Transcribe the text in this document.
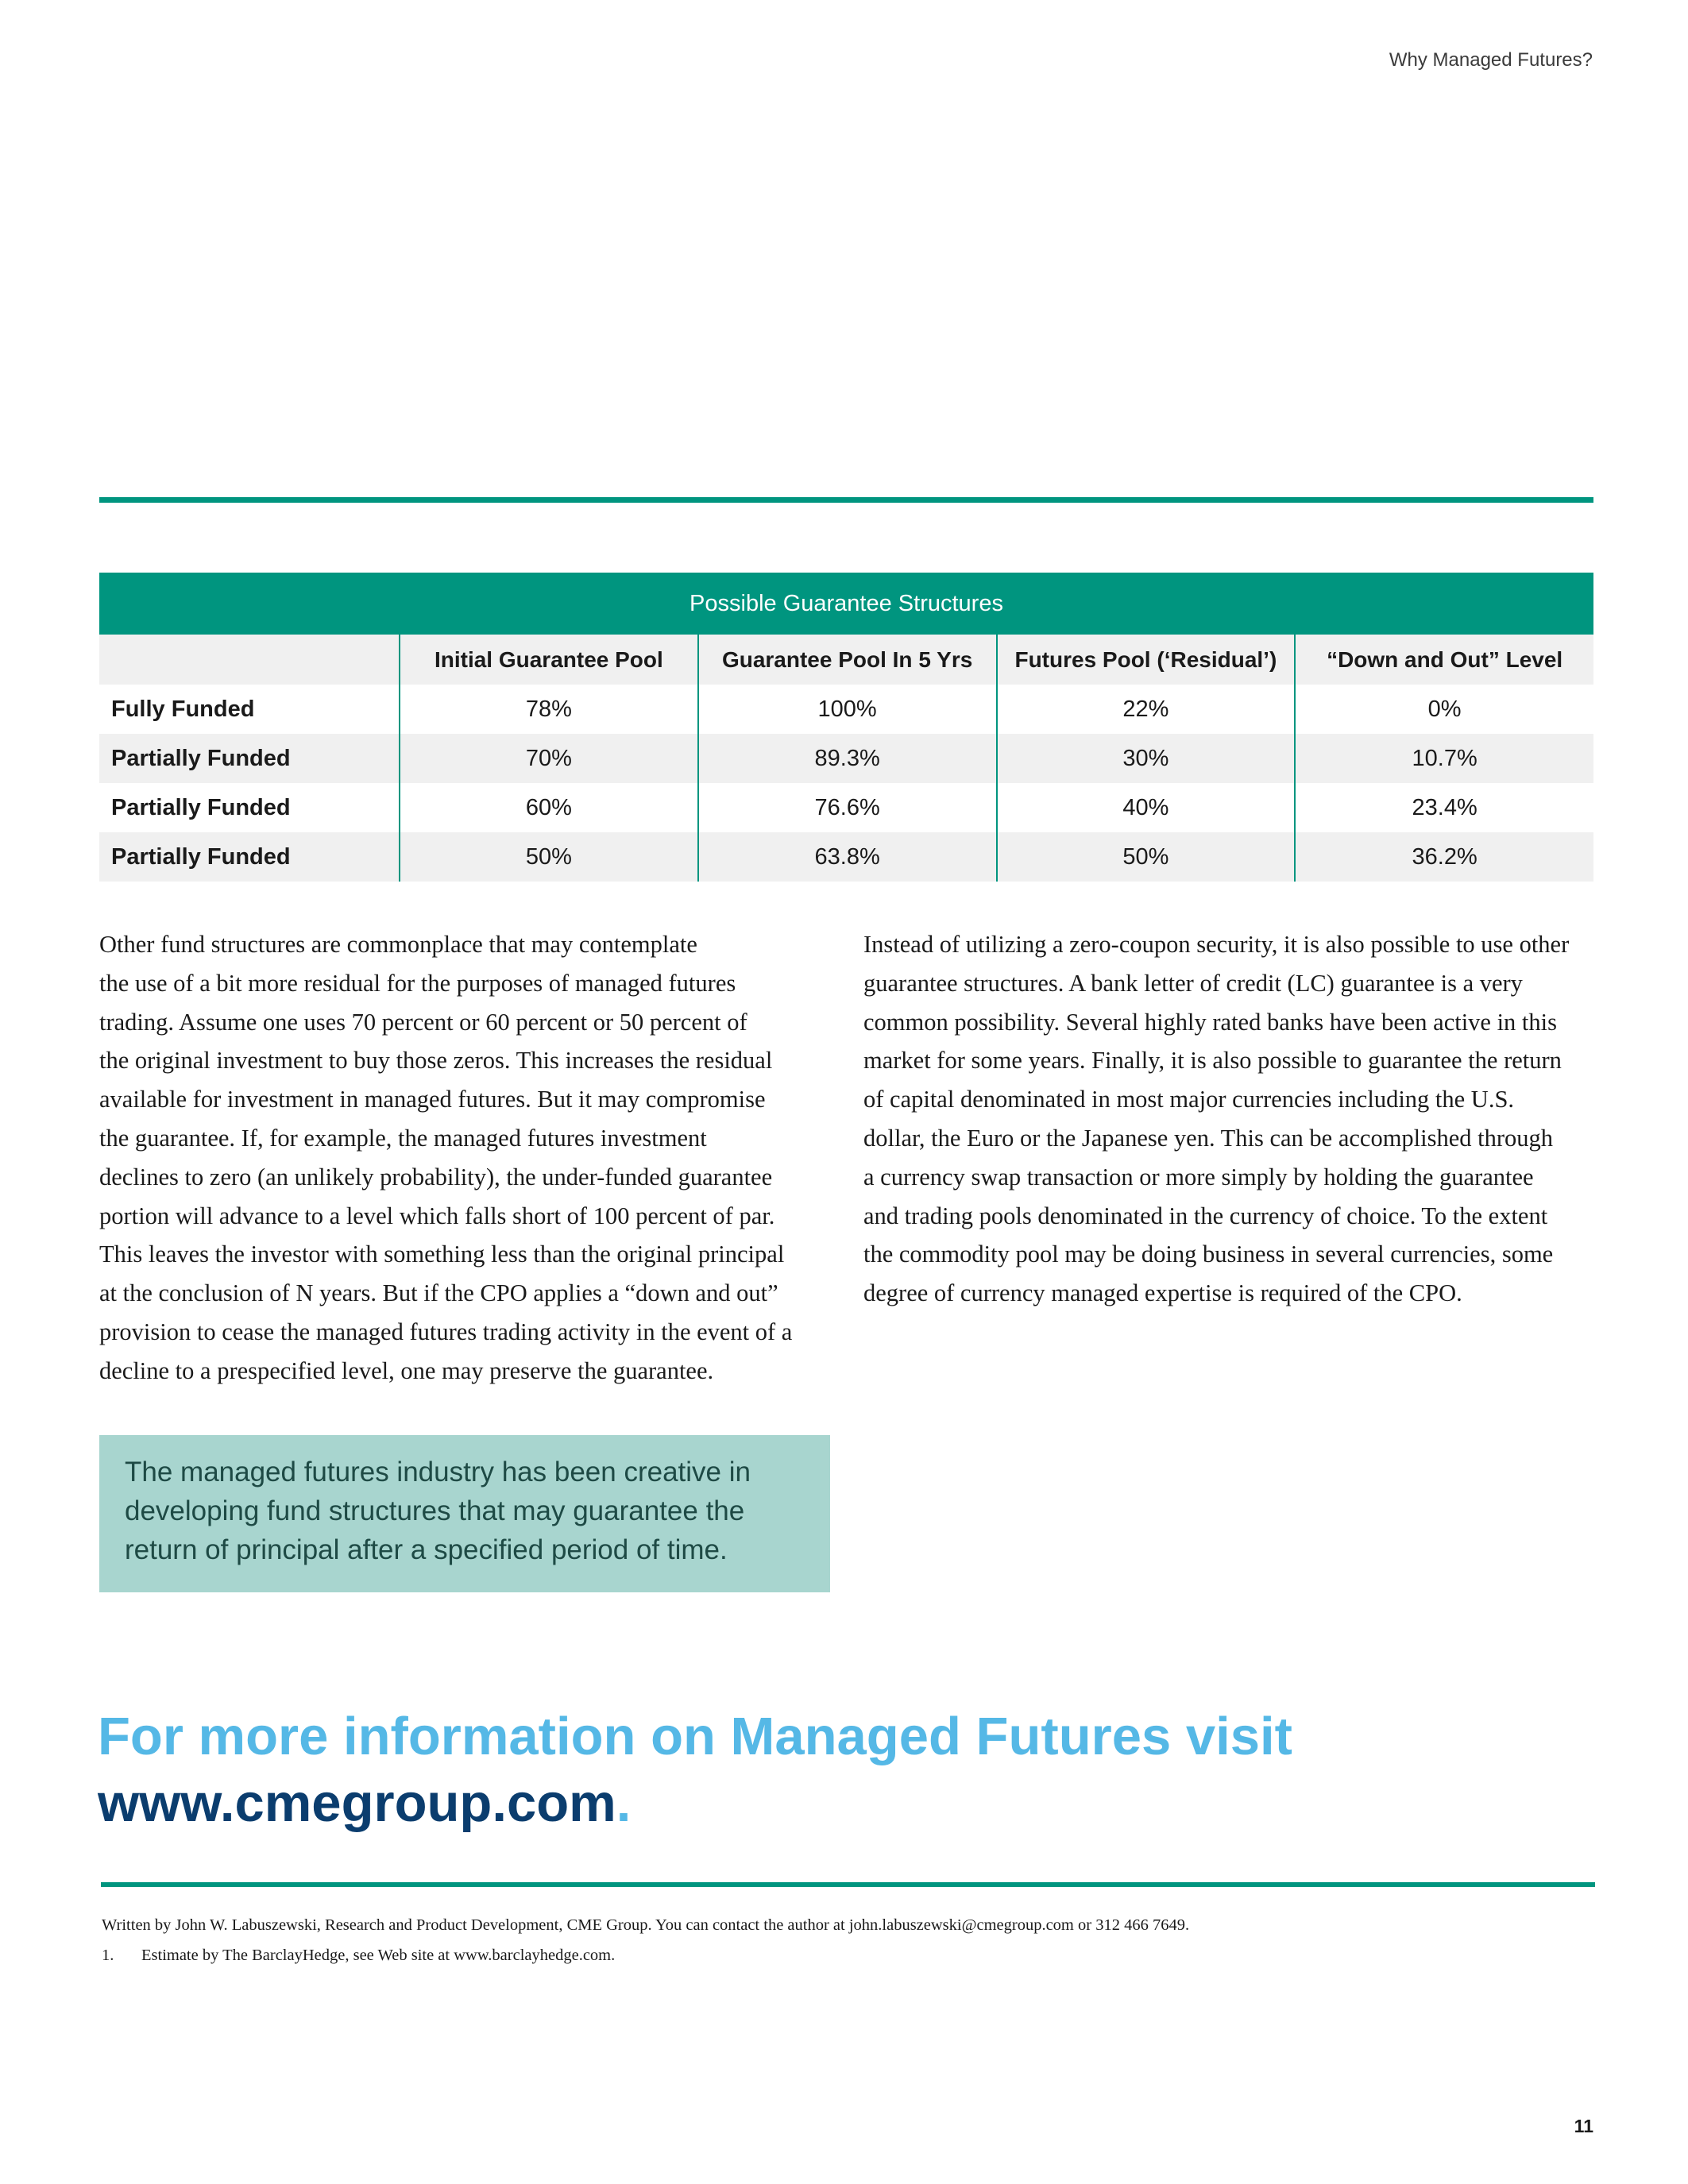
Why Managed Futures?
Possible Guarantee Structures				
	Initial Guarantee Pool	Guarantee Pool In 5 Yrs	Futures Pool (‘Residual’)	“Down and Out” Level
Fully Funded	78%	100%	22%	0%
Partially Funded	70%	89.3%	30%	10.7%
Partially Funded	60%	76.6%	40%	23.4%
Partially Funded	50%	63.8%	50%	36.2%
Other fund structures are commonplace that may contemplate
the use of a bit more residual for the purposes of managed futures
trading. Assume one uses 70 percent or 60 percent or 50 percent of
the original investment to buy those zeros. This increases the residual
available for investment in managed futures. But it may compromise
the guarantee. If, for example, the managed futures investment
declines to zero (an unlikely probability), the under-funded guarantee
portion will advance to a level which falls short of 100 percent of par.
This leaves the investor with something less than the original principal
at the conclusion of N years. But if the CPO applies a “down and out”
provision to cease the managed futures trading activity in the event of a
decline to a prespecified level, one may preserve the guarantee.
Instead of utilizing a zero-coupon security, it is also possible to use other
guarantee structures. A bank letter of credit (LC) guarantee is a very
common possibility. Several highly rated banks have been active in this
market for some years. Finally, it is also possible to guarantee the return
of capital denominated in most major currencies including the U.S.
dollar, the Euro or the Japanese yen. This can be accomplished through
a currency swap transaction or more simply by holding the guarantee
and trading pools denominated in the currency of choice. To the extent
the commodity pool may be doing business in several currencies, some
degree of currency managed expertise is required of the CPO.
The managed futures industry has been creative in
developing fund structures that may guarantee the
return of principal after a specified period of time.
For more information on Managed Futures visit
www.cmegroup.com.
Written by John W. Labuszewski, Research and Product Development, CME Group. You can contact the author at john.labuszewski@cmegroup.com or 312 466 7649.
1. Estimate by The BarclayHedge, see Web site at www.barclayhedge.com.
11
